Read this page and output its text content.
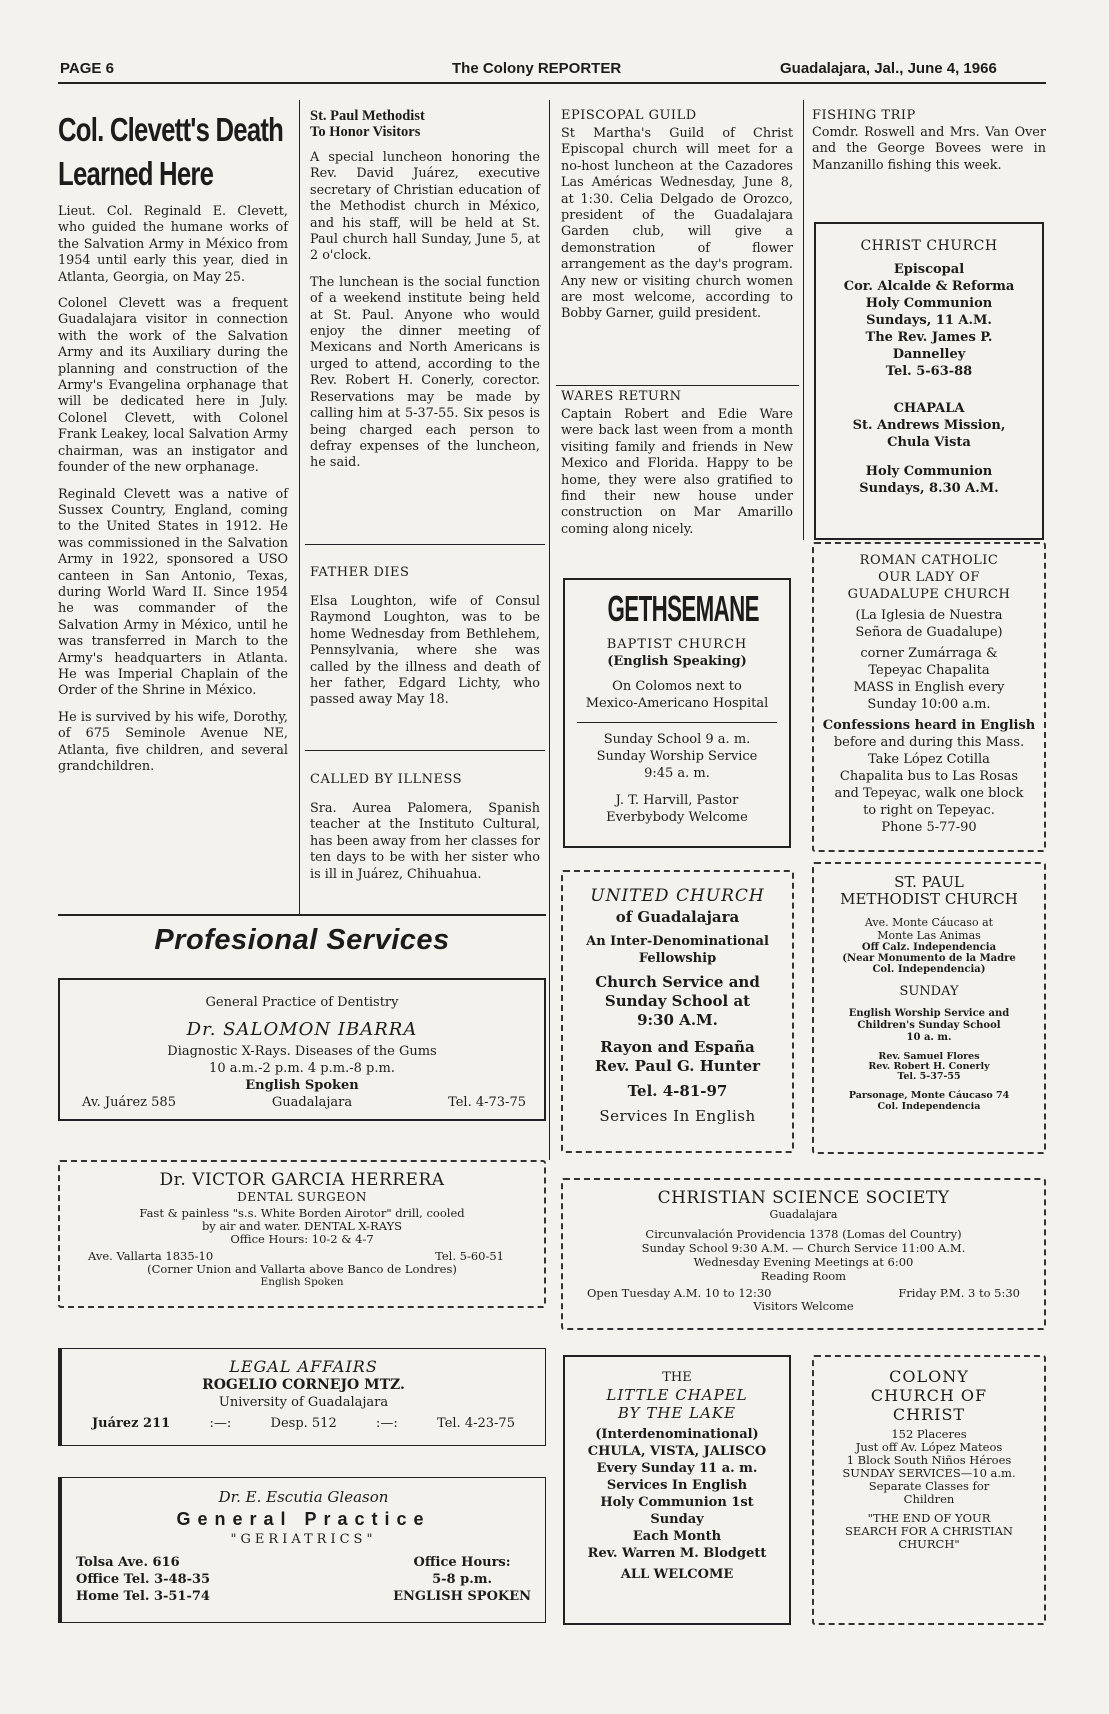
PAGE 6	The Colony REPORTER	Guadalajara, Jal., June 4, 1966
Col. Clevett's Death
Learned Here

Lieut. Col. Reginald E. Clevett, who guided the humane works of the Salvation Army in México from 1954 until early this year, died in Atlanta, Georgia, on May 25.

Colonel Clevett was a frequent Guadalajara visitor in connection with the work of the Salvation Army and its Auxiliary during the planning and construction of the Army's Evangelina orphanage that will be dedicated here in July. Colonel Clevett, with Colonel Frank Leakey, local Salvation Army chairman, was an instigator and founder of the new orphanage.

Reginald Clevett was a native of Sussex Country, England, coming to the United States in 1912. He was commissioned in the Salvation Army in 1922, sponsored a USO canteen in San Antonio, Texas, during World Ward II. Since 1954 he was commander of the Salvation Army in México, until he was transferred in March to the Army's headquarters in Atlanta. He was Imperial Chaplain of the Order of the Shrine in México.

He is survived by his wife, Dorothy, of 675 Seminole Avenue NE, Atlanta, five children, and several grandchildren.

St. Paul Methodist
To Honor Visitors

A special luncheon honoring the Rev. David Juárez, executive secretary of Christian education of the Methodist church in México, and his staff, will be held at St. Paul church hall Sunday, June 5, at 2 o'clock.

The lunchean is the social function of a weekend institute being held at St. Paul. Anyone who would enjoy the dinner meeting of Mexicans and North Americans is urged to attend, according to the Rev. Robert H. Conerly, corector. Reservations may be made by calling him at 5-37-55. Six pesos is being charged each person to defray expenses of the luncheon, he said.

FATHER DIES

Elsa Loughton, wife of Consul Raymond Loughton, was to be home Wednesday from Bethlehem, Pennsylvania, where she was called by the illness and death of her father, Edgard Lichty, who passed away May 18.

CALLED BY ILLNESS

Sra. Aurea Palomera, Spanish teacher at the Instituto Cultural, has been away from her classes for ten days to be with her sister who is ill in Juárez, Chihuahua.

EPISCOPAL GUILD

St Martha's Guild of Christ Episcopal church will meet for a no-host luncheon at the Cazadores Las Américas Wednesday, June 8, at 1:30. Celia Delgado de Orozco, president of the Guadalajara Garden club, will give a demonstration of flower arrangement as the day's program. Any new or visiting church women are most welcome, according to Bobby Garner, guild president.

WARES RETURN

Captain Robert and Edie Ware were back last ween from a month visiting family and friends in New Mexico and Florida. Happy to be home, they were also gratified to find their new house under construction on Mar Amarillo coming along nicely.

GETHSEMANE
BAPTIST CHURCH
(English Speaking)
On Colomos next to
Mexico-Americano Hospital
Sunday School 9 a. m.
Sunday Worship Service
9:45 a. m.
J. T. Harvill, Pastor
Everbybody Welcome
UNITED CHURCH
of Guadalajara
An Inter-Denominational
Fellowship
Church Service and
Sunday School at
9:30 A.M.
Rayon and España
Rev. Paul G. Hunter
Tel. 4-81-97
Services In English
FISHING TRIP

Comdr. Roswell and Mrs. Van Over and the George Bovees were in Manzanillo fishing this week.

CHRIST CHURCH
Episcopal
Cor. Alcalde & Reforma
Holy Communion
Sundays, 11 A.M.
The Rev. James P.
Dannelley
Tel. 5-63-88
CHAPALA
St. Andrews Mission,
Chula Vista
Holy Communion
Sundays, 8.30 A.M.
ROMAN CATHOLIC
OUR LADY OF
GUADALUPE CHURCH
(La Iglesia de Nuestra
Señora de Guadalupe)
corner Zumárraga &
Tepeyac Chapalita
MASS in English every
Sunday 10:00 a.m.
Confessions heard in English
before and during this Mass.
Take López Cotilla
Chapalita bus to Las Rosas
and Tepeyac, walk one block
to right on Tepeyac.
Phone 5-77-90
ST. PAUL
METHODIST CHURCH
Ave. Monte Cáucaso at
Monte Las Animas
Off Calz. Independencia
(Near Monumento de la Madre
Col. Independencia)
SUNDAY
English Worship Service and
Children's Sunday School
10 a. m.
Rev. Samuel Flores
Rev. Robert H. Conerly
Tel. 5-37-55
Parsonage, Monte Cáucaso 74
Col. Independencia
Profesional Services
General Practice of Dentistry
Dr. SALOMON IBARRA
Diagnostic X-Rays. Diseases of the Gums
10 a.m.-2 p.m. 4 p.m.-8 p.m.
English Spoken
Av. Juárez 585	Guadalajara	Tel. 4-73-75
Dr. VICTOR GARCIA HERRERA
DENTAL SURGEON
Fast & painless "s.s. White Borden Airotor" drill, cooled
by air and water. DENTAL X-RAYS
Office Hours: 10-2 & 4-7
Ave. Vallarta 1835-10	Tel. 5-60-51
(Corner Union and Vallarta above Banco de Londres)
English Spoken
LEGAL AFFAIRS
ROGELIO CORNEJO MTZ.
University of Guadalajara
Juárez 211	:—:	Desp. 512	:—:	Tel. 4-23-75
Dr. E. Escutia Gleason
General Practice
"GERIATRICS"
Tolsa Ave. 616
Office Tel. 3-48-35
Home Tel. 3-51-74
Office Hours:
5-8 p.m.
ENGLISH SPOKEN
CHRISTIAN SCIENCE SOCIETY
Guadalajara
Circunvalación Providencia 1378 (Lomas del Country)
Sunday School 9:30 A.M. — Church Service 11:00 A.M.
Wednesday Evening Meetings at 6:00
Reading Room
Open Tuesday A.M. 10 to 12:30	Friday P.M. 3 to 5:30
Visitors Welcome
THE
LITTLE CHAPEL
BY THE LAKE
(Interdenominational)
CHULA, VISTA, JALISCO
Every Sunday 11 a. m.
Services In English
Holy Communion 1st
Sunday
Each Month
Rev. Warren M. Blodgett
ALL WELCOME
COLONY
CHURCH OF
CHRIST
152 Placeres
Just off Av. López Mateos
1 Block South Niños Héroes
SUNDAY SERVICES—10 a.m.
Separate Classes for
Children
"THE END OF YOUR
SEARCH FOR A CHRISTIAN
CHURCH"
